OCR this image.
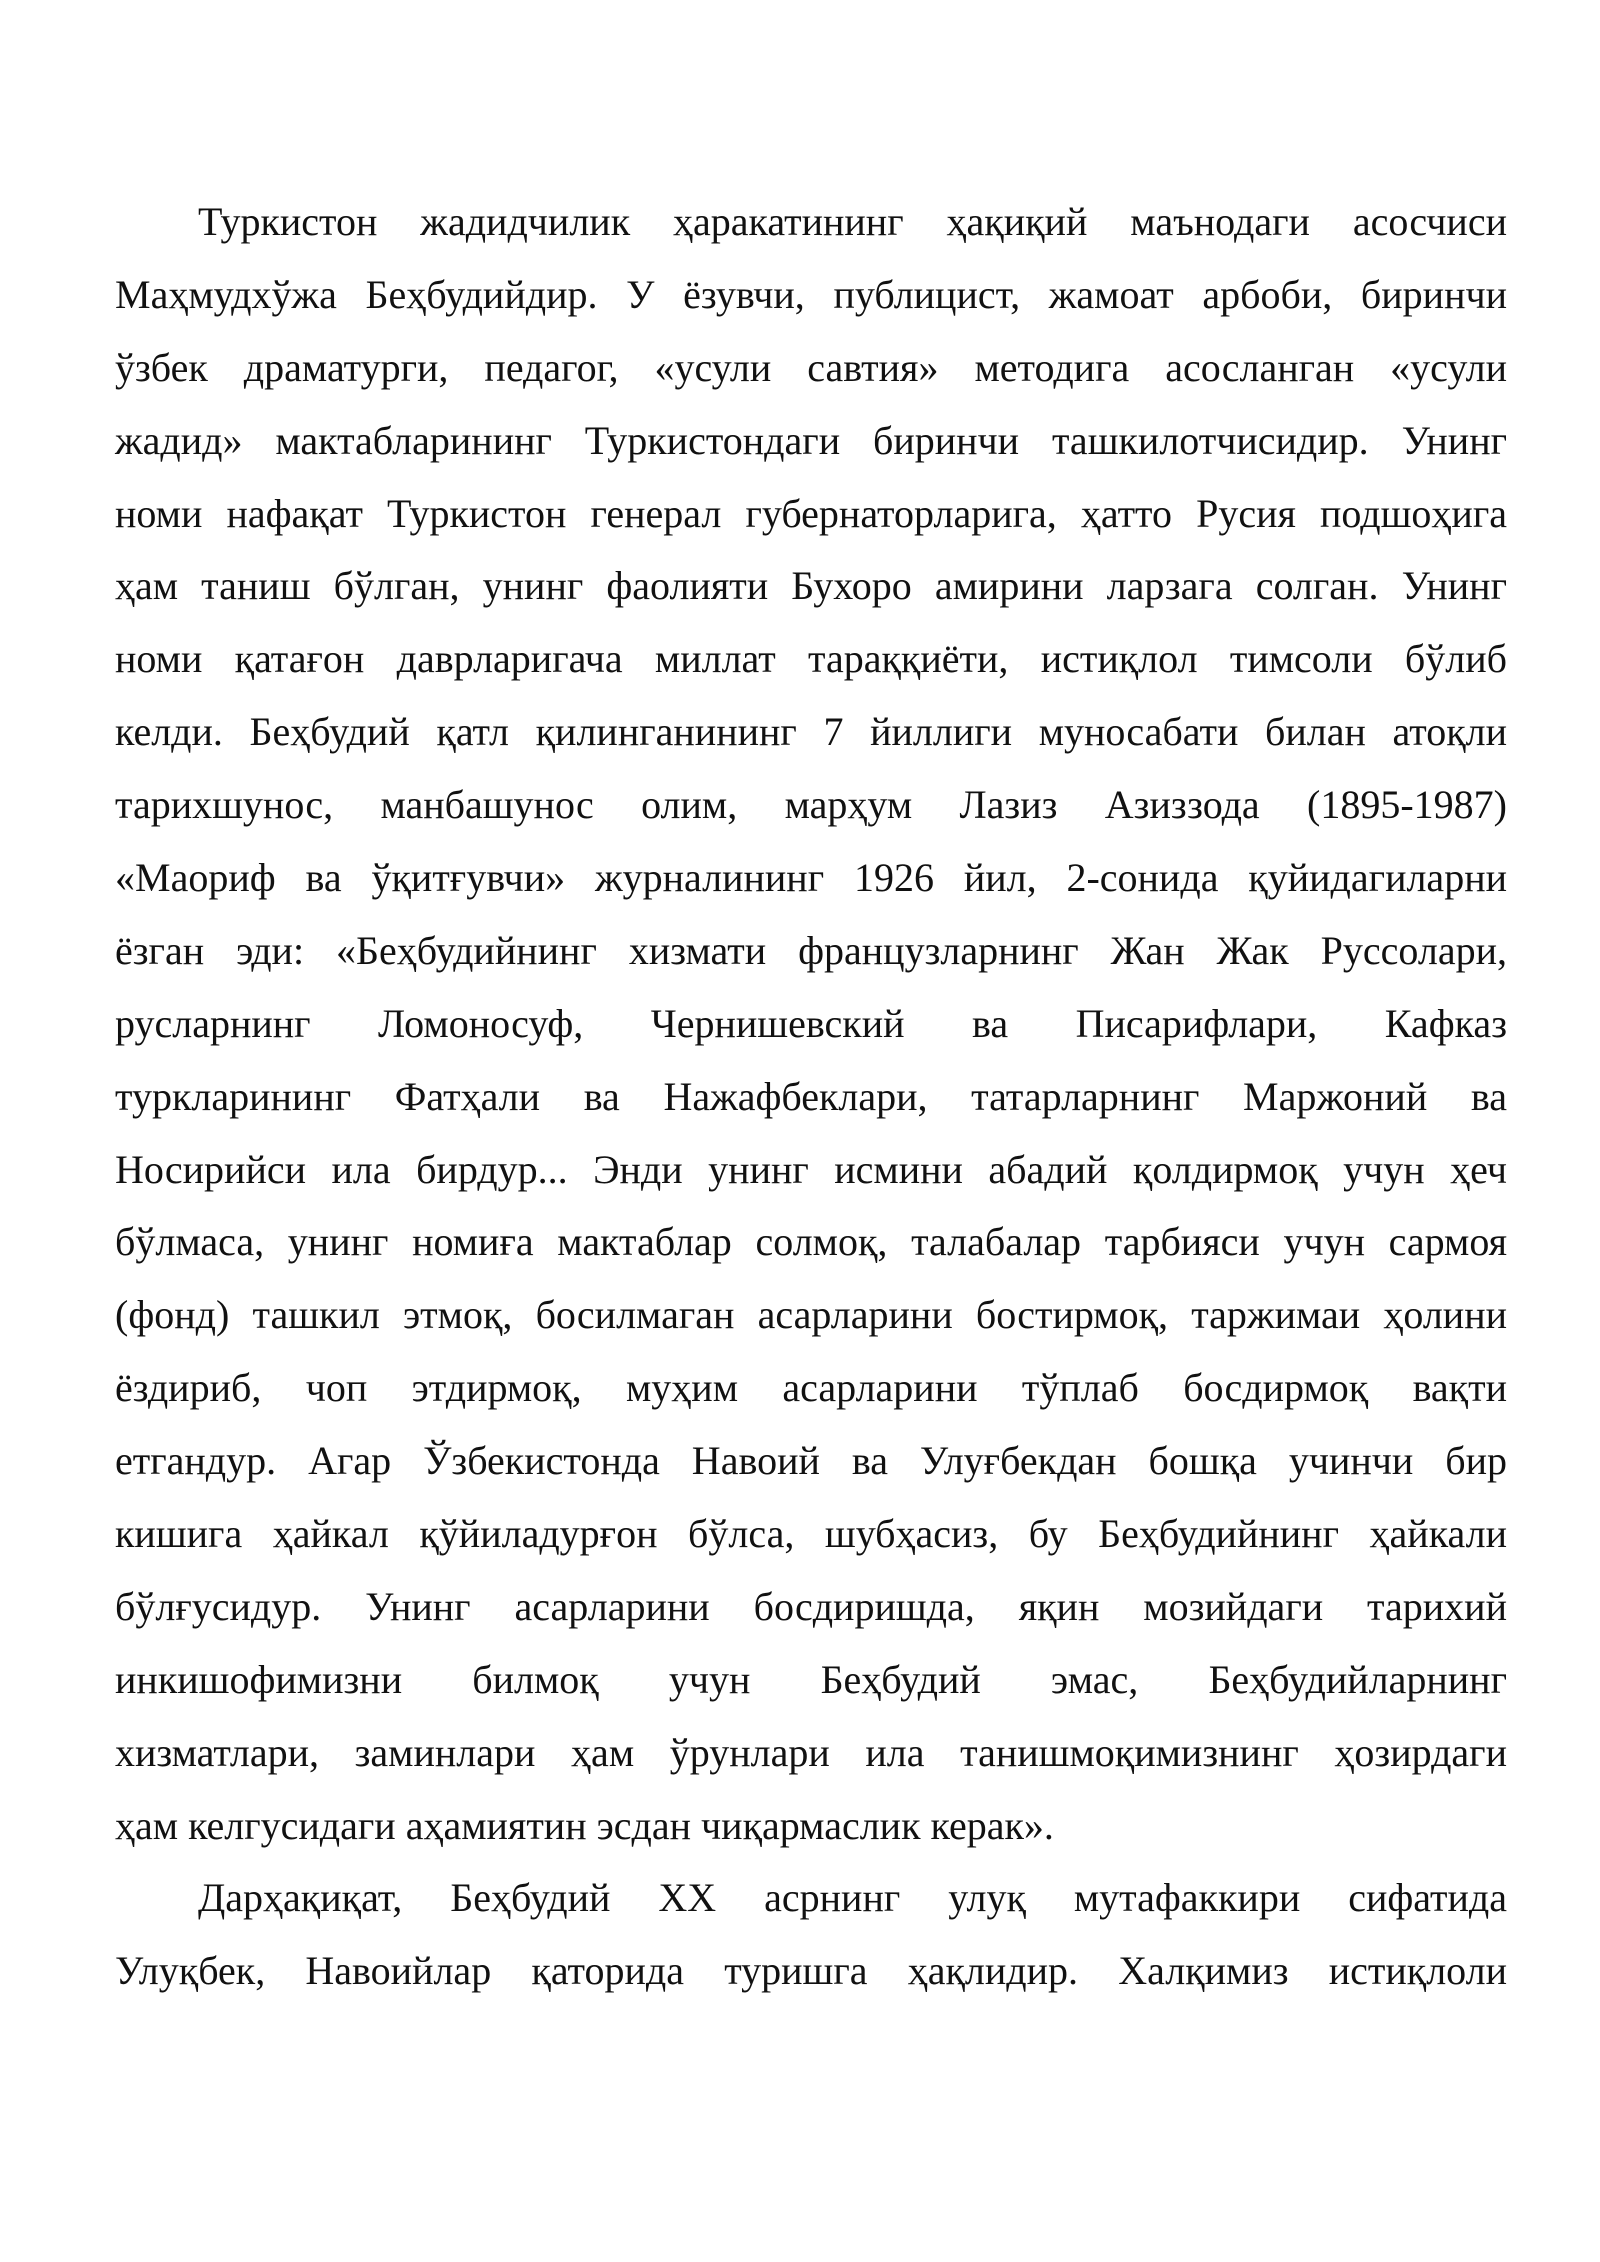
Туркистон жадидчилик ҳаракатининг ҳақиқий маънодаги асосчиси
Маҳмудхўжа Беҳбудийдир. У ёзувчи, публицист, жамоат арбоби, биринчи
ўзбек драматурги, педагог, «усули савтия» методига асосланган «усули
жадид» мактабларининг Туркистондаги биринчи ташкилотчисидир. Унинг
номи нафақат Туркистон генерал губернаторларига, ҳатто Русия подшоҳига
ҳам таниш бўлган, унинг фаолияти Бухоро амирини ларзага солган. Унинг
номи қатағон даврларигача миллат тараққиёти, истиқлол тимсоли бўлиб
келди. Беҳбудий қатл қилинганининг 7 йиллиги муносабати билан атоқли
тарихшунос, манбашунос олим, марҳум Лазиз Азиззода (1895-1987)
«Маориф ва ўқитғувчи» журналининг 1926 йил, 2-сонида қуйидагиларни
ёзган эди: «Беҳбудийнинг хизмати французларнинг Жан Жак Руссолари,
русларнинг Ломоносуф, Чернишевский ва Писарифлари, Кафказ
туркларининг Фатҳали ва Нажафбеклари, татарларнинг Маржоний ва
Носирийси ила бирдур... Энди унинг исмини абадий қолдирмоқ учун ҳеч
бўлмаса, унинг номиға мактаблар солмоқ, талабалар тарбияси учун сармоя
(фонд) ташкил этмоқ, босилмаган асарларини бостирмоқ, таржимаи ҳолини
ёздириб, чоп этдирмоқ, муҳим асарларини тўплаб босдирмоқ вақти
етгандур. Агар Ўзбекистонда Навоий ва Улуғбекдан бошқа учинчи бир
кишига ҳайкал қўйиладурғон бўлса, шубҳасиз, бу Беҳбудийнинг ҳайкали
бўлғусидур. Унинг асарларини босдиришда, яқин мозийдаги тарихий
инкишофимизни билмоқ учун Беҳбудий эмас, Беҳбудийларнинг
хизматлари, заминлари ҳам ўрунлари ила танишмоқимизнинг ҳозирдаги
ҳам келгусидаги аҳамиятин эсдан чиқармаслик керак».
Дарҳақиқат, Беҳбудий XX асрнинг улуқ мутафаккири сифатида
Улуқбек, Навоийлар қаторида туришга ҳақлидир. Халқимиз истиқлоли
